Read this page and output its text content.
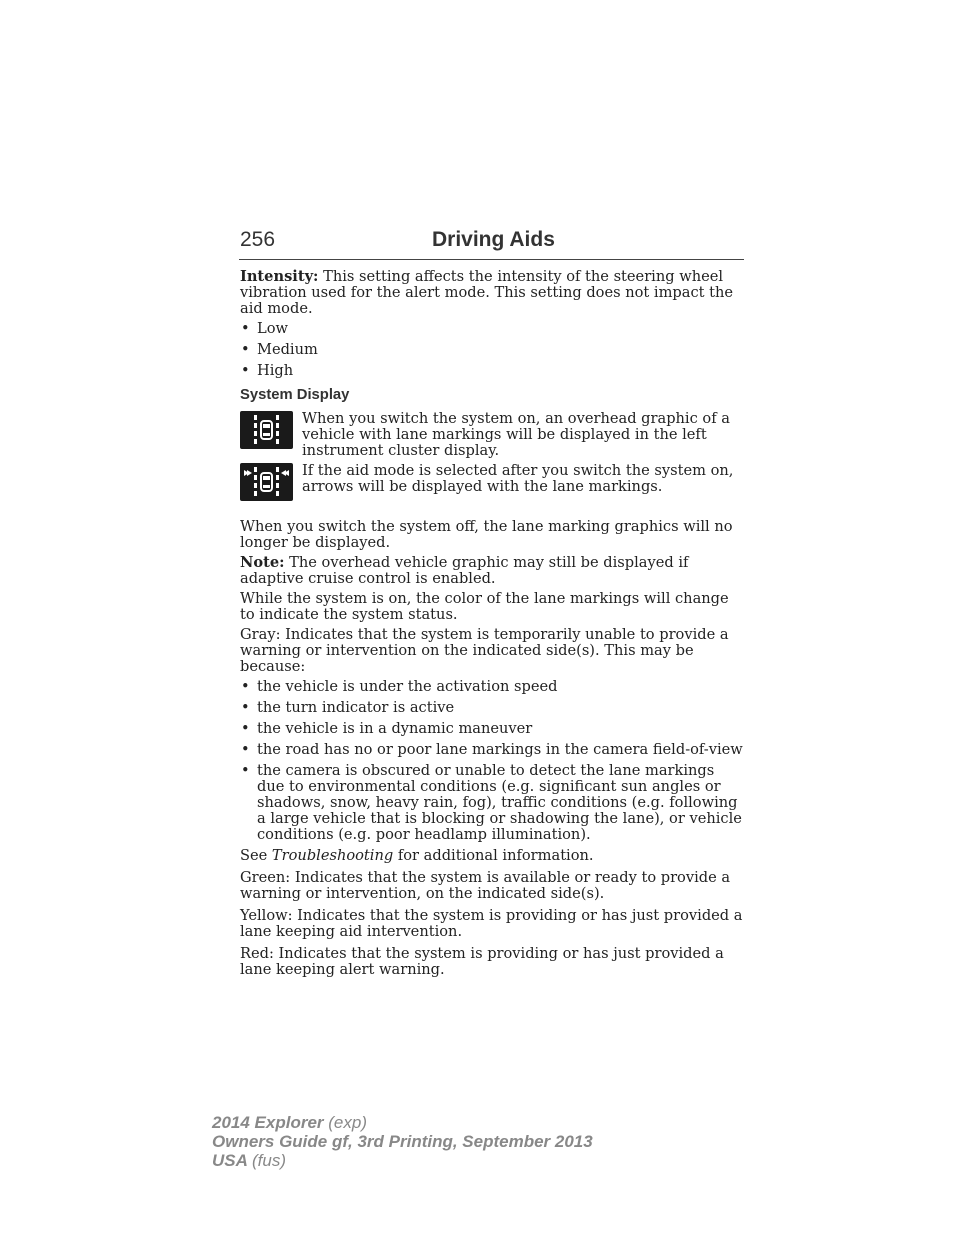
256	Driving Aids

Intensity: This setting affects the intensity of the steering wheel vibration used for the alert mode. This setting does not impact the aid mode.

• Low
• Medium
• High
System Display
When you switch the system on, an overhead graphic of a vehicle with lane markings will be displayed in the left instrument cluster display.
If the aid mode is selected after you switch the system on, arrows will be displayed with the lane markings.

When you switch the system off, the lane marking graphics will no longer be displayed.

Note: The overhead vehicle graphic may still be displayed if adaptive cruise control is enabled.

While the system is on, the color of the lane markings will change to indicate the system status.

Gray: Indicates that the system is temporarily unable to provide a warning or intervention on the indicated side(s). This may be because:

• the vehicle is under the activation speed
• the turn indicator is active
• the vehicle is in a dynamic maneuver
• the road has no or poor lane markings in the camera field-of-view
• the camera is obscured or unable to detect the lane markings due to environmental conditions (e.g. significant sun angles or shadows, snow, heavy rain, fog), traffic conditions (e.g. following a large vehicle that is blocking or shadowing the lane), or vehicle conditions (e.g. poor headlamp illumination).

See Troubleshooting for additional information.

Green: Indicates that the system is available or ready to provide a warning or intervention, on the indicated side(s).

Yellow: Indicates that the system is providing or has just provided a lane keeping aid intervention.

Red: Indicates that the system is providing or has just provided a lane keeping alert warning.

2014 Explorer (exp)
Owners Guide gf, 3rd Printing, September 2013
USA (fus)
